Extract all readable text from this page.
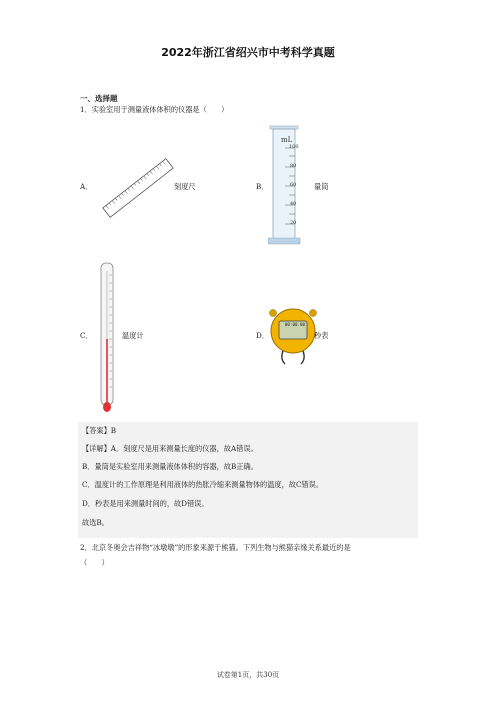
2022年浙江省绍兴市中考科学真题
一、选择题
1．实验室用于测量液体体积的仪器是（　　）
A．	刻度尺	B．
mL
100
80
60
40
20
量筒
C．	温度计	D．
00:00.00
秒表
【答案】B
【详解】A．刻度尺是用来测量长度的仪器，故A错误。
B．量筒是实验室用来测量液体体积的容器，故B正确。
C．温度计的工作原理是利用液体的热胀冷缩来测量物体的温度，故C错误。
D．秒表是用来测量时间的，故D错误。
故选B。
2．北京冬奥会吉祥物“冰墩墩”的形象来源于熊猫。下列生物与熊猫亲缘关系最近的是
（　　）
试卷第1页，共30页
